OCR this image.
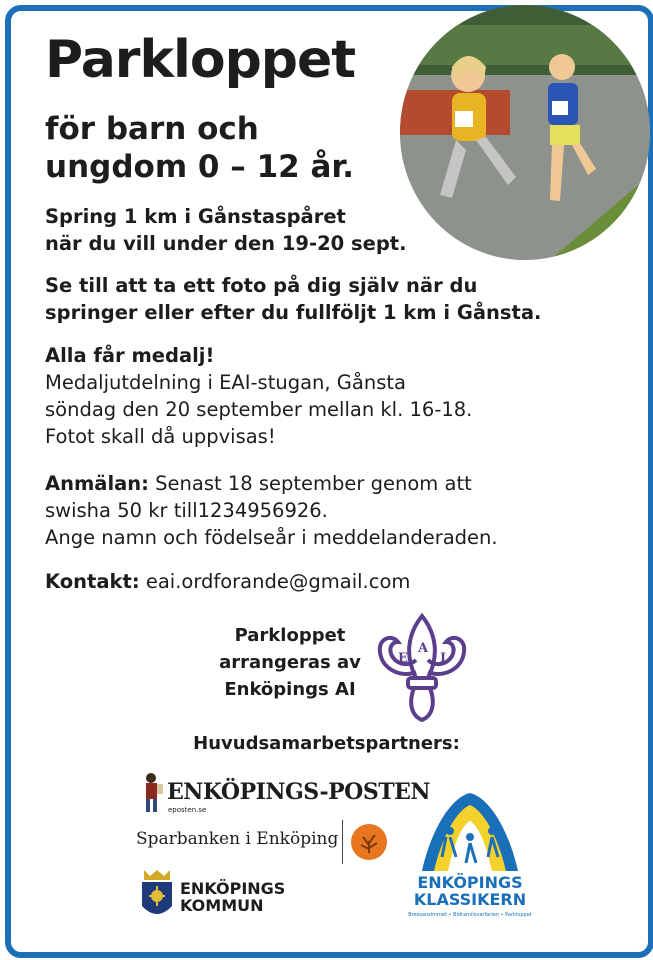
Parkloppet
för barn och
ungdom 0 – 12 år.
Spring 1 km i Gånstaspåret
när du vill under den 19-20 sept.
Se till att ta ett foto på dig själv när du
springer eller efter du fullföljt 1 km i Gånsta.
Alla får medalj!
Medaljutdelning i EAI-stugan, Gånsta
söndag den 20 september mellan kl. 16-18.
Fotot skall då uppvisas!
Anmälan: Senast 18 september genom att
swisha 50 kr till1234956926.
Ange namn och födelseår i meddelanderaden.
Kontakt: eai.ordforande@gmail.com
Parkloppet
arrangeras av
Enköpings AI
E
A
I
Huvudsamarbetspartners:
ENKÖPINGS-POSTEN
eposten.se
Sparbanken i Enköping
ENKÖPINGS
KOMMUN
ENKÖPINGS
KLASSIKERN
Bressansimmet • Bidramilsvarfarlen • Parkloppet
